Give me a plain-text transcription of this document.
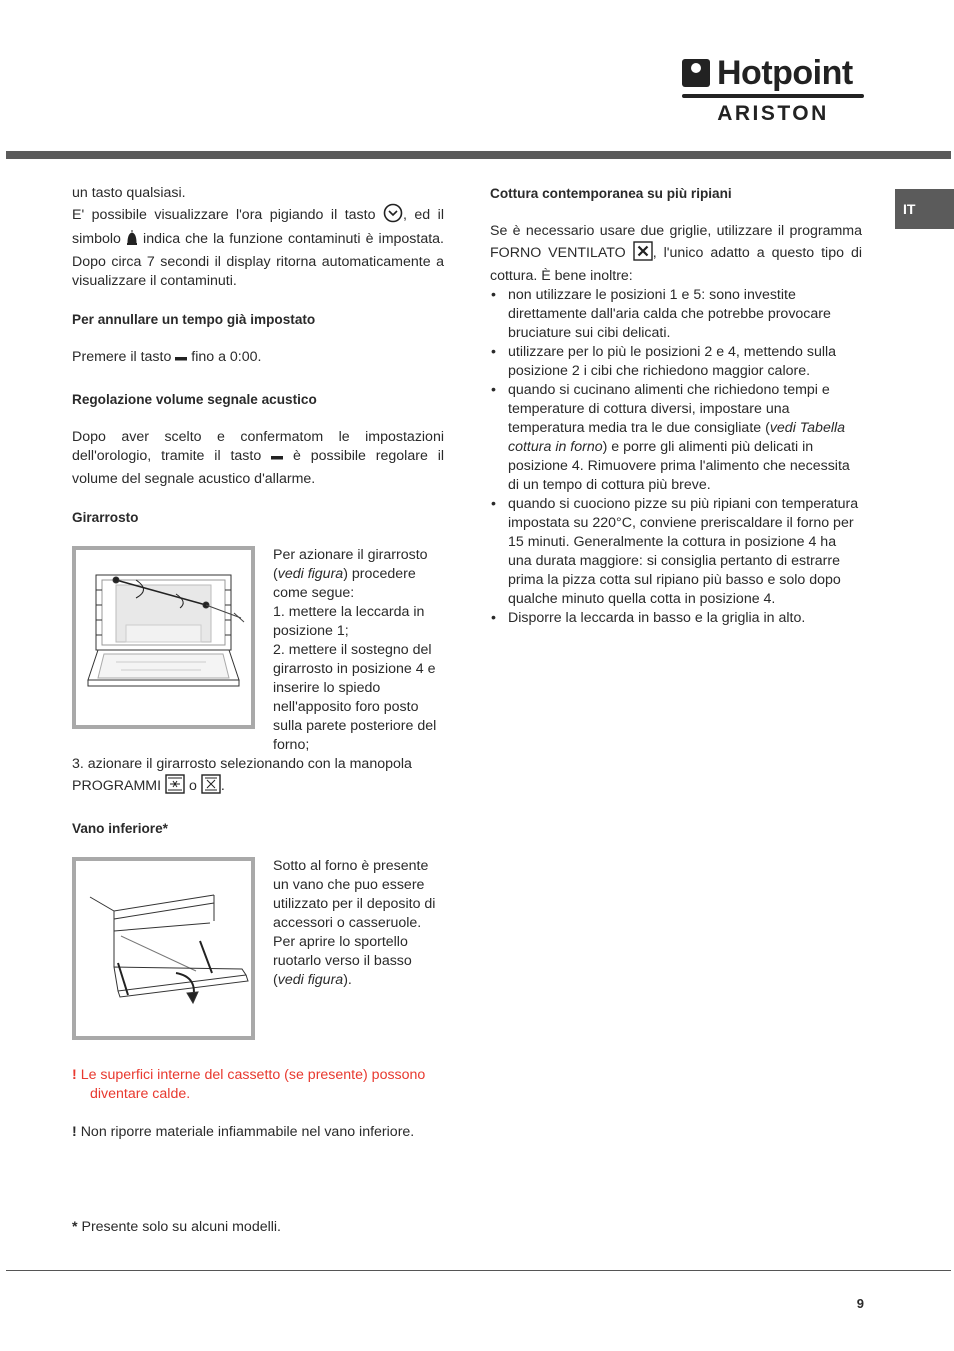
Hotpoint
ARISTON
IT

un tasto qualsiasi.

E' possibile visualizzare l'ora pigiando il tasto , ed il simbolo indica che la funzione contaminuti è impostata. Dopo circa 7 secondi il display ritorna automaticamente a visualizzare il contaminuti.

Per annullare un tempo già impostato

Premere il tasto fino a 0:00.

Regolazione volume segnale acustico

Dopo aver scelto e confermatom le impostazioni dell'orologio, tramite il tasto è possibile regolare il volume del segnale acustico d'allarme.

Girarrosto

Per azionare il girarrosto (vedi figura) procedere come segue:

1. mettere la leccarda in posizione 1;

2. mettere il sostegno del girarrosto in posizione 4 e inserire lo spiedo nell'apposito foro posto sulla parete posteriore del forno;

3. azionare il girarrosto selezionando con la manopola PROGRAMMI o .

Vano inferiore*

Sotto al forno è presente un vano che puo essere utilizzato per il deposito di accessori o casseruole. Per aprire lo sportello ruotarlo verso il basso (vedi figura).

! Le superfici interne del cassetto (se presente) possono diventare calde.

! Non riporre materiale infiammabile nel vano inferiore.

* Presente solo su alcuni modelli.

Cottura contemporanea su più ripiani

Se è necessario usare due griglie, utilizzare il programma FORNO VENTILATO , l'unico adatto a questo tipo di cottura. È bene inoltre:

• non utilizzare le posizioni 1 e 5: sono investite direttamente dall'aria calda che potrebbe provocare bruciature sui cibi delicati.
• utilizzare per lo più le posizioni 2 e 4, mettendo sulla posizione 2 i cibi che richiedono maggior calore.
• quando si cucinano alimenti che richiedono tempi e temperature di cottura diversi, impostare una temperatura media tra le due consigliate (vedi Tabella cottura in forno) e porre gli alimenti più delicati in posizione 4. Rimuovere prima l'alimento che necessita di un tempo di cottura più breve.
• quando si cuociono pizze su più ripiani con temperatura impostata su 220°C, conviene preriscaldare il forno per 15 minuti. Generalmente la cottura in posizione 4 ha una durata maggiore: si consiglia pertanto di estrarre prima la pizza cotta sul ripiano più basso e solo dopo qualche minuto quella cotta in posizione 4.
• Disporre la leccarda in basso e la griglia in alto.
9
